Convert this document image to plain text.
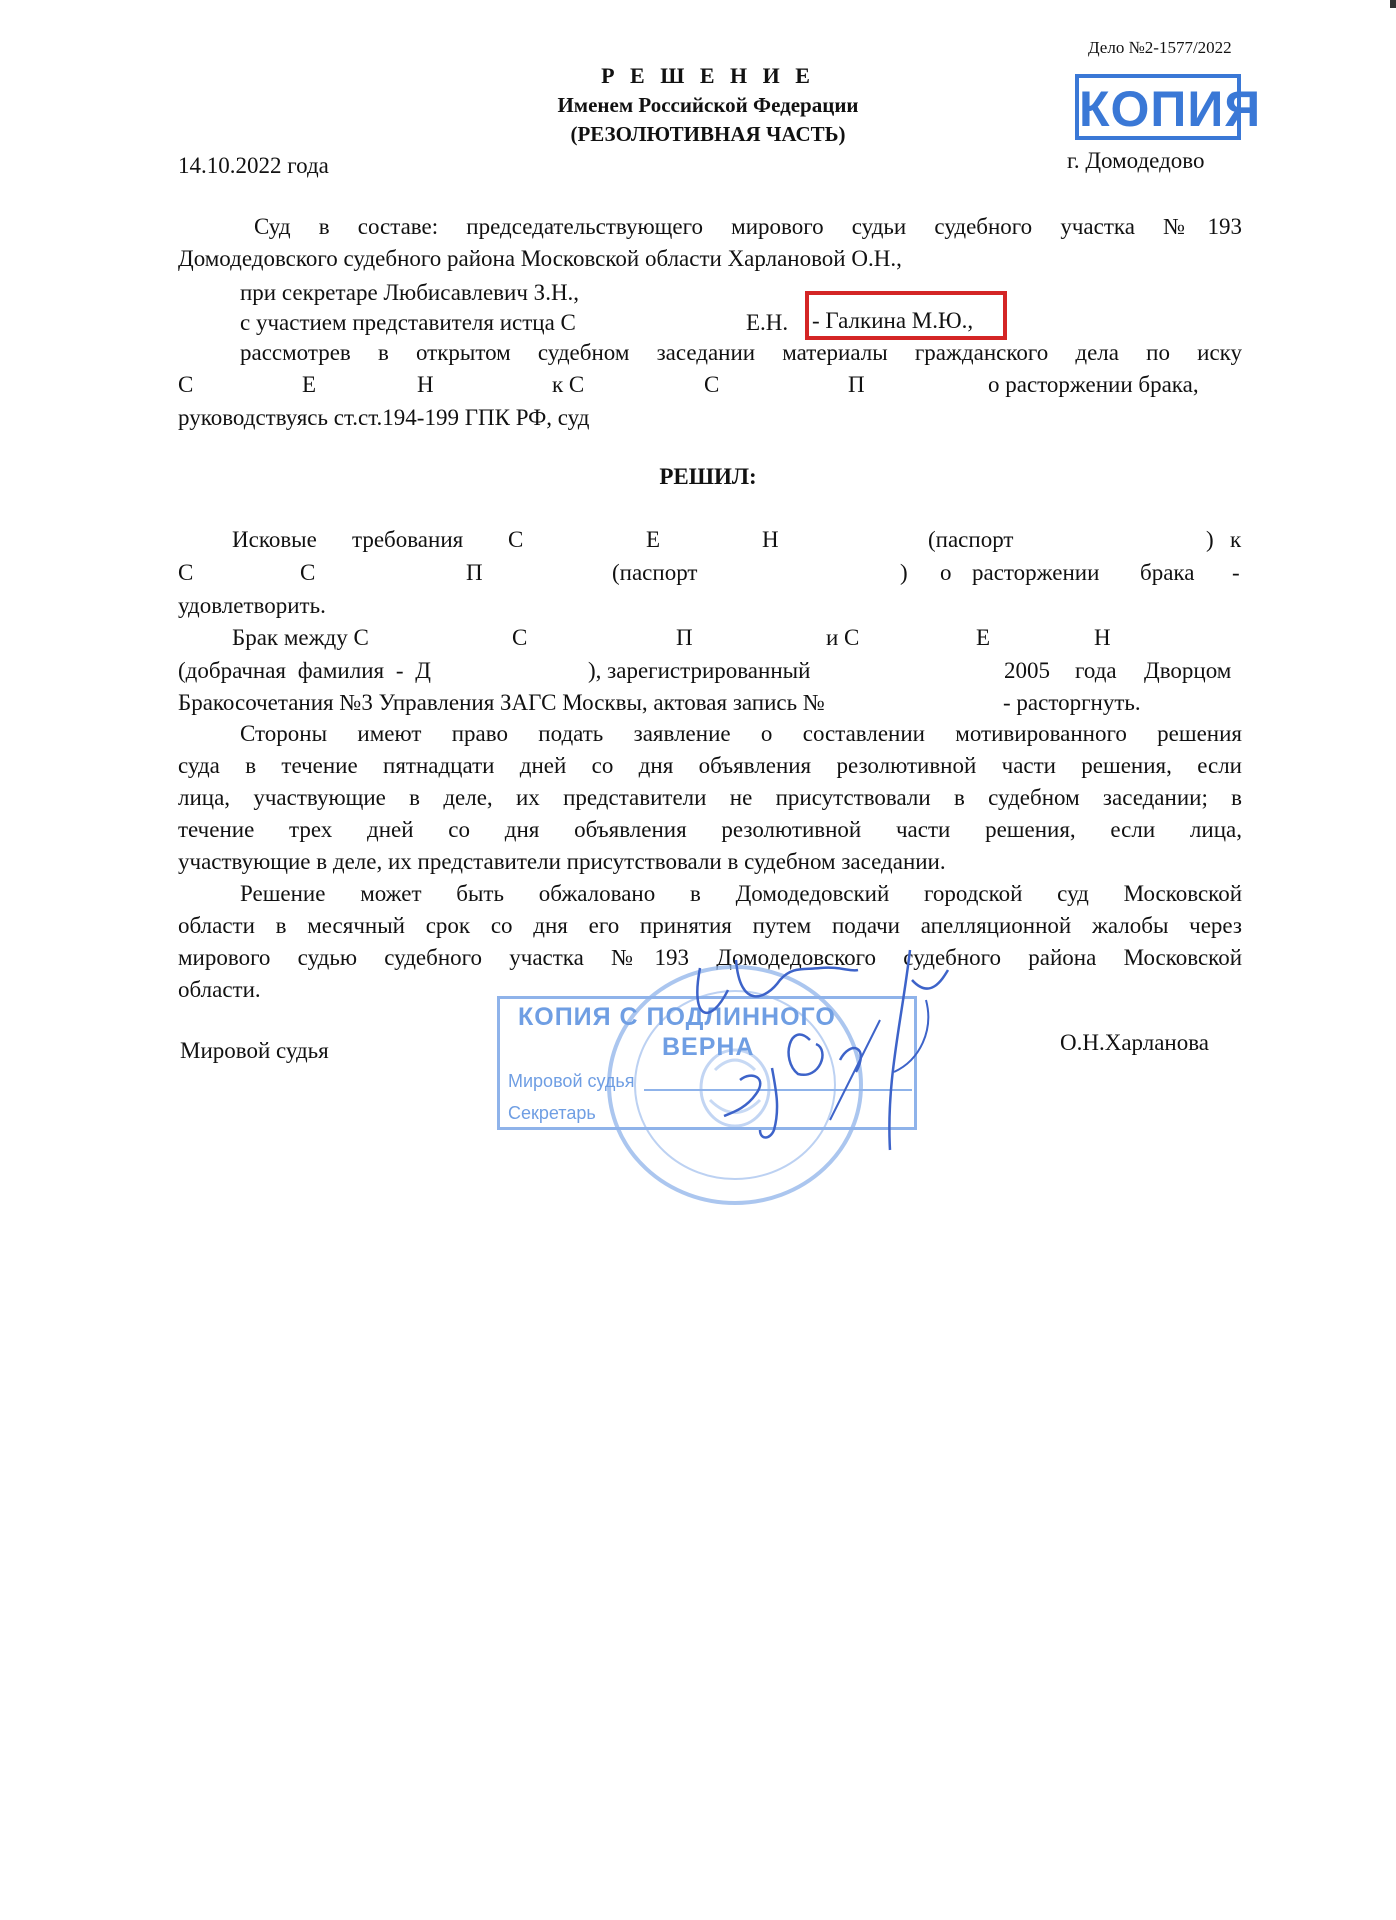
Дело №2-1577/2022
КОПИЯ
Р Е Ш Е Н И Е
Именем Российской Федерации
(РЕЗОЛЮТИВНАЯ ЧАСТЬ)
14.10.2022 года	г. Домодедово
Суд в составе: председательствующего мирового судьи судебного участка №193
Домодедовского судебного района Московской области Харлановой О.Н.,
при секретаре Любисавлевич З.Н.,
с участием представителя истца С	Е.Н. - Галкина М.Ю.,
рассмотрев в открытом судебном заседании материалы гражданского дела по иску
С	Е	Н	к С	С	П	о расторжении брака,
руководствуясь ст.ст.194-199 ГПК РФ, суд
РЕШИЛ:
Исковые требования С	Е	Н	(паспорт	) к
С	С	П	(паспорт	) о расторжении брака -
удовлетворить.
Брак между С	С	П	и С	Е	Н
(добрачная фамилия - Д	), зарегистрированный	2005 года Дворцом
Бракосочетания №3 Управления ЗАГС Москвы, актовая запись №	- расторгнуть.
Стороны имеют право подать заявление о составлении мотивированного решения
суда в течение пятнадцати дней со дня объявления резолютивной части решения, если
лица, участвующие в деле, их представители не присутствовали в судебном заседании; в
течение трех дней со дня объявления резолютивной части решения, если лица,
участвующие в деле, их представители присутствовали в судебном заседании.
Решение может быть обжаловано в Домодедовский городской суд Московской
области в месячный срок со дня его принятия путем подачи апелляционной жалобы через
мирового судью судебного участка №193 Домодедовского судебного района Московской
области.
Мировой судья	О.Н.Харланова
КОПИЯ С ПОДЛИННОГО
ВЕРНА
Мировой судья
Секретарь
